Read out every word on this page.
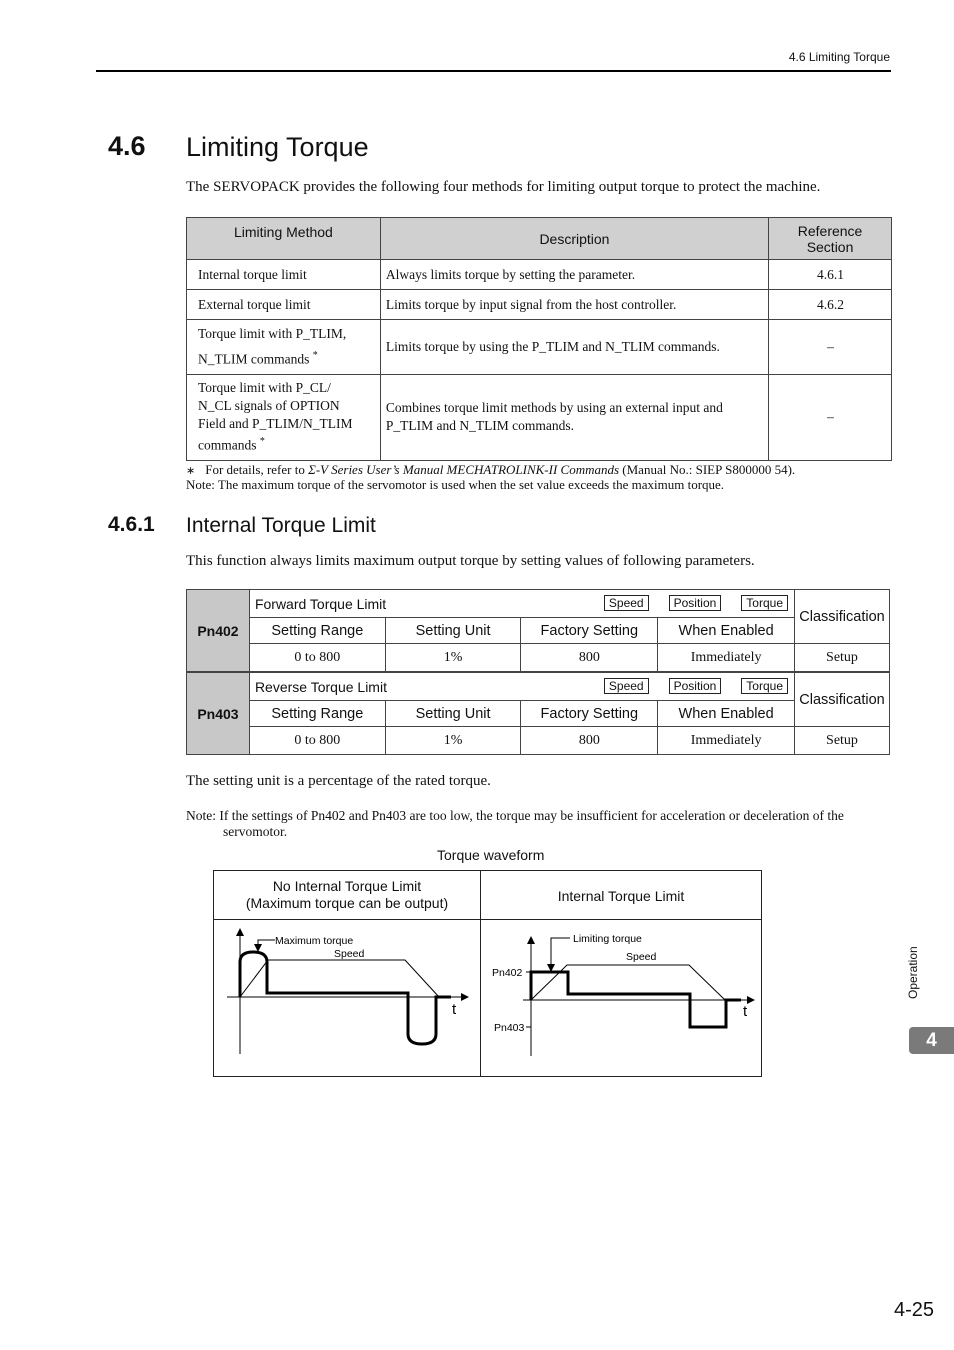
4.6 Limiting Torque
4.6 Limiting Torque
The SERVOPACK provides the following four methods for limiting output torque to protect the machine.
Limiting Method	Description	Reference
Section
Internal torque limit	Always limits torque by setting the parameter.	4.6.1
External torque limit	Limits torque by input signal from the host controller.	4.6.2
Torque limit with P_TLIM,
N_TLIM commands *	Limits torque by using the P_TLIM and N_TLIM commands.	–
Torque limit with P_CL/
N_CL signals of OPTION
Field and P_TLIM/N_TLIM
commands *	Combines torque limit methods by using an external input and
P_TLIM and N_TLIM commands.	–
∗ For details, refer to Σ-V Series User’s Manual MECHATROLINK-II Commands (Manual No.: SIEP S800000 54).
Note: The maximum torque of the servomotor is used when the set value exceeds the maximum torque.
4.6.1 Internal Torque Limit
This function always limits maximum output torque by setting values of following parameters.
Pn402	Forward Torque Limit Speed Position Torque				Classification
	Setting Range	Setting Unit	Factory Setting	When Enabled	
	0 to 800	1%	800	Immediately	Setup
Pn403	Reverse Torque Limit Speed Position Torque				Classification
	Setting Range	Setting Unit	Factory Setting	When Enabled	
	0 to 800	1%	800	Immediately	Setup
The setting unit is a percentage of the rated torque.
Note: If the settings of Pn402 and Pn403 are too low, the torque may be insufficient for acceleration or deceleration of the
servomotor.
Torque waveform
No Internal Torque Limit
(Maximum torque can be output)	Internal Torque Limit
Maximum torque
Speed
t
Limiting torque
Speed
Pn402
Pn403
t
Operation
4
4-25
